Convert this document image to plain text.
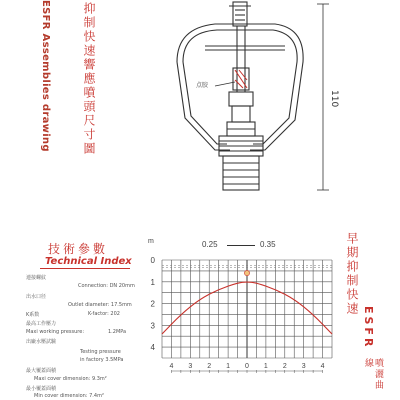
ESFR Assemblies drawing	抑制快速響應噴頭尺寸圖	点胶
110
技術參數
Technical Index
連接螺紋
Connection: DN 20mm
出水口径
Outlet diameter: 17.5mm
K系数	K-factor: 202
最高工作壓力
Maxi working pressure:	1.2MPa
出廠水壓試驗
Testing pressure
in factory 3.5MPa
最大覆蓋面積
Maxi cover dimension: 9.3m²
最小覆蓋面積
Min cover dimension: 7.4m²
0.25	0.35
m
0
1
2
3
4
4 3 2 1 0 1 2 3 4
早期抑制快速
ESFR
噴灑曲線
